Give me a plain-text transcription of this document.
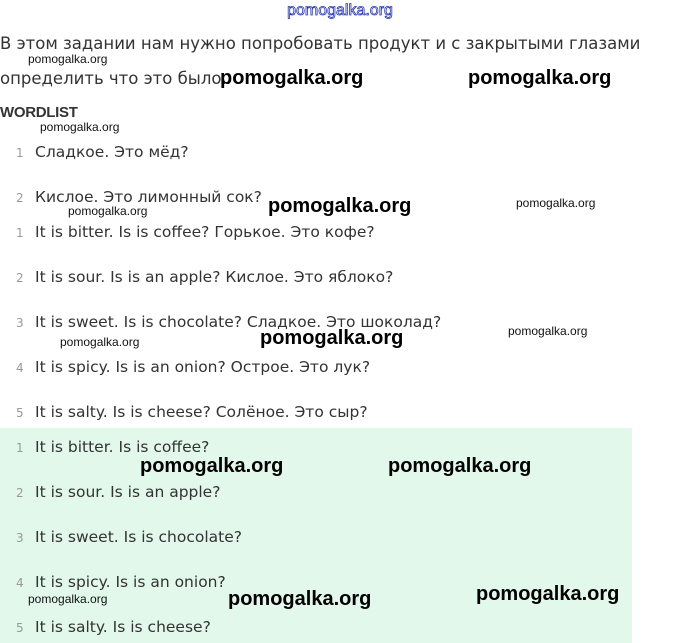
pomogalka.org
В этом задании нам нужно попробовать продукт и с закрытыми глазами
определить что это было.
WORDLIST
1 Сладкое. Это мёд?
2 Кислое. Это лимонный сок?
1 It is bitter. Is is coffee? Горькое. Это кофе?
2 It is sour. Is is an apple? Кислое. Это яблоко?
3 It is sweet. Is is chocolate? Сладкое. Это шоколад?
4 It is spicy. Is is an onion? Острое. Это лук?
5 It is salty. Is is cheese? Солёное. Это сыр?
1 It is bitter. Is is coffee?
2 It is sour. Is is an apple?
3 It is sweet. Is is chocolate?
4 It is spicy. Is is an onion?
5 It is salty. Is is cheese?
pomogalka.org
pomogalka.org	pomogalka.org
pomogalka.org
pomogalka.org	pomogalka.org	pomogalka.org
pomogalka.org
pomogalka.org	pomogalka.org
pomogalka.org	pomogalka.org
pomogalka.org	pomogalka.org	pomogalka.org
